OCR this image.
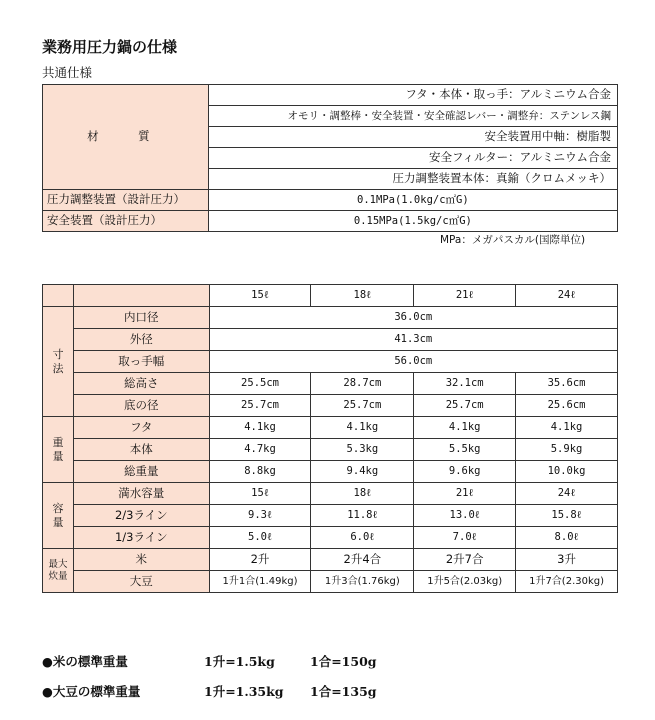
業務用圧力鍋の仕様
共通仕様
材　質	フタ・本体・取っ手：アルミニウム合金
	オモリ・調整棒・安全装置・安全確認レバー・調整弁：ステンレス鋼
	安全装置用中軸：樹脂製
	安全フィルター：アルミニウム合金
	圧力調整装置本体：真鍮（クロムメッキ）
圧力調整装置（設計圧力）	0.1MPa(1.0kg/c㎡G)
安全装置（設計圧力）	0.15MPa(1.5kg/c㎡G)
MPa：メガパスカル(国際単位)
		15ℓ	18ℓ	21ℓ	24ℓ
寸
法	内口径	36.0cm			
	外径	41.3cm			
	取っ手幅	56.0cm			
	総高さ	25.5cm	28.7cm	32.1cm	35.6cm
	底の径	25.7cm	25.7cm	25.7cm	25.6cm
重
量	フタ	4.1kg	4.1kg	4.1kg	4.1kg
	本体	4.7kg	5.3kg	5.5kg	5.9kg
	総重量	8.8kg	9.4kg	9.6kg	10.0kg
容
量	満水容量	15ℓ	18ℓ	21ℓ	24ℓ
	2/3ライン	9.3ℓ	11.8ℓ	13.0ℓ	15.8ℓ
	1/3ライン	5.0ℓ	6.0ℓ	7.0ℓ	8.0ℓ
最大
炊量	米	2升	2升4合	2升7合	3升
	大豆	1升1合(1.49kg)	1升3合(1.76kg)	1升5合(2.03kg)	1升7合(2.30kg)
●米の標準重量	1升=1.5kg	1合=150g
●大豆の標準重量	1升=1.35kg 1合=135g
